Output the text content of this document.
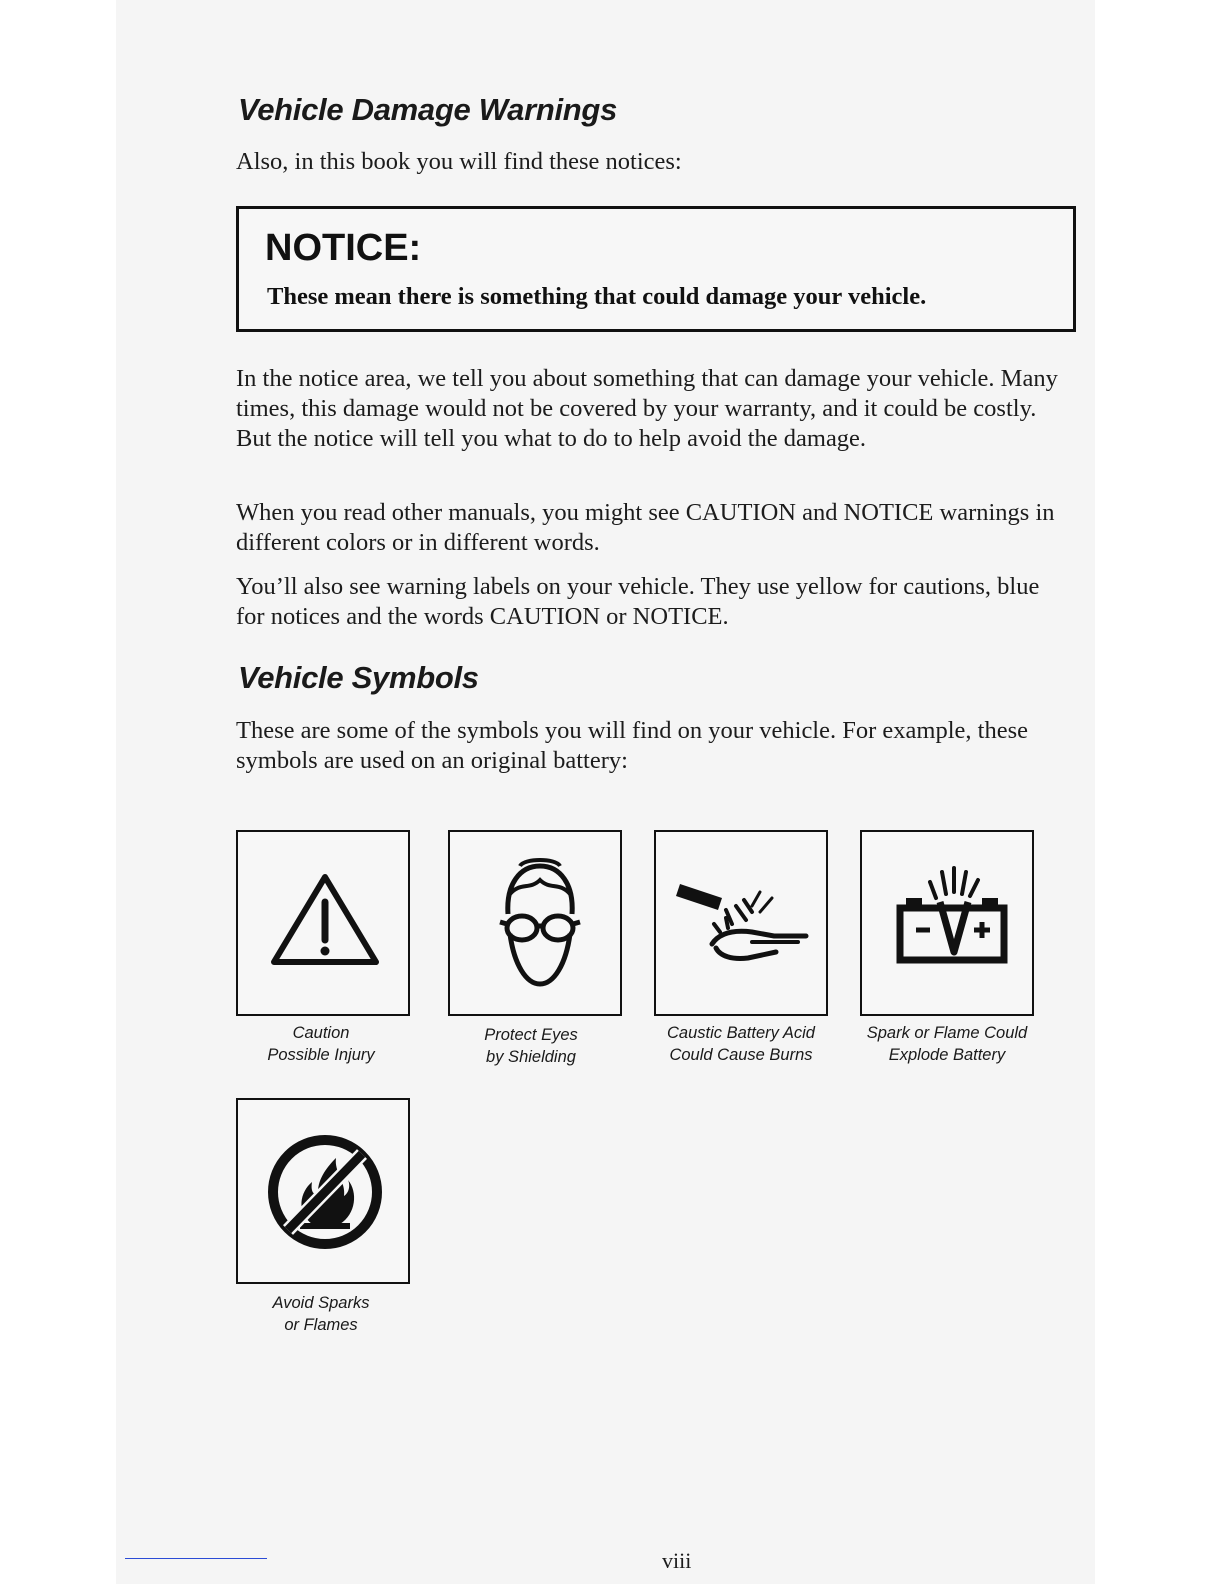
Vehicle Damage Warnings

Also, in this book you will find these notices:

NOTICE:

These mean there is something that could damage your vehicle.

In the notice area, we tell you about something that can damage your vehicle. Many times, this damage would not be covered by your warranty, and it could be costly. But the notice will tell you what to do to help avoid the damage.

When you read other manuals, you might see CAUTION and NOTICE warnings in different colors or in different words.

You’ll also see warning labels on your vehicle. They use yellow for cautions, blue for notices and the words CAUTION or NOTICE.

Vehicle Symbols

These are some of the symbols you will find on your vehicle. For example, these symbols are used on an original battery:

Caution
Possible Injury
Protect Eyes
by Shielding
Caustic Battery Acid
Could Cause Burns
Spark or Flame Could
Explode Battery
Avoid Sparks
or Flames
viii
